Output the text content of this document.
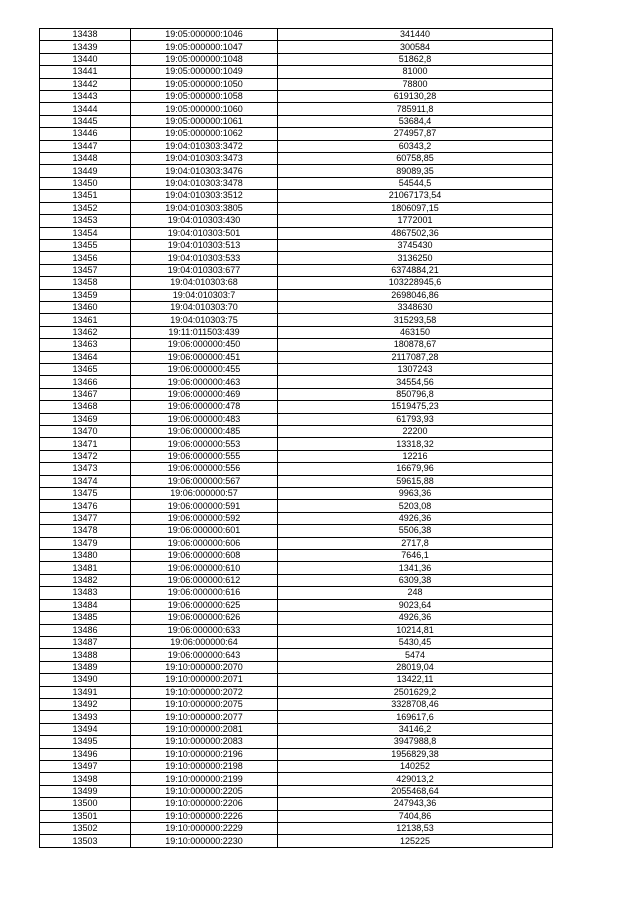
13438	19:05:000000:1046	341440
13439	19:05:000000:1047	300584
13440	19:05:000000:1048	51862,8
13441	19:05:000000:1049	81000
13442	19:05:000000:1050	78800
13443	19:05:000000:1058	619130,28
13444	19:05:000000:1060	785911,8
13445	19:05:000000:1061	53684,4
13446	19:05:000000:1062	274957,87
13447	19:04:010303:3472	60343,2
13448	19:04:010303:3473	60758,85
13449	19:04:010303:3476	89089,35
13450	19:04:010303:3478	54544,5
13451	19:04:010303:3512	21067173,54
13452	19:04:010303:3805	1806097,15
13453	19:04:010303:430	1772001
13454	19:04:010303:501	4867502,36
13455	19:04:010303:513	3745430
13456	19:04:010303:533	3136250
13457	19:04:010303:677	6374884,21
13458	19:04:010303:68	103228945,6
13459	19:04:010303:7	2698046,86
13460	19:04:010303:70	3348630
13461	19:04:010303:75	315293,58
13462	19:11:011503:439	463150
13463	19:06:000000:450	180878,67
13464	19:06:000000:451	2117087,28
13465	19:06:000000:455	1307243
13466	19:06:000000:463	34554,56
13467	19:06:000000:469	850796,8
13468	19:06:000000:478	1519475,23
13469	19:06:000000:483	61793,93
13470	19:06:000000:485	22200
13471	19:06:000000:553	13318,32
13472	19:06:000000:555	12216
13473	19:06:000000:556	16679,96
13474	19:06:000000:567	59615,88
13475	19:06:000000:57	9963,36
13476	19:06:000000:591	5203,08
13477	19:06:000000:592	4926,36
13478	19:06:000000:601	5506,38
13479	19:06:000000:606	2717,8
13480	19:06:000000:608	7646,1
13481	19:06:000000:610	1341,36
13482	19:06:000000:612	6309,38
13483	19:06:000000:616	248
13484	19:06:000000:625	9023,64
13485	19:06:000000:626	4926,36
13486	19:06:000000:633	10214,81
13487	19:06:000000:64	5430,45
13488	19:06:000000:643	5474
13489	19:10:000000:2070	28019,04
13490	19:10:000000:2071	13422,11
13491	19:10:000000:2072	2501629,2
13492	19:10:000000:2075	3328708,46
13493	19:10:000000:2077	169617,6
13494	19:10:000000:2081	34146,2
13495	19:10:000000:2083	3947988,8
13496	19:10:000000:2196	1956829,38
13497	19:10:000000:2198	140252
13498	19:10:000000:2199	429013,2
13499	19:10:000000:2205	2055468,64
13500	19:10:000000:2206	247943,36
13501	19:10:000000:2226	7404,86
13502	19:10:000000:2229	12138,53
13503	19:10:000000:2230	125225
